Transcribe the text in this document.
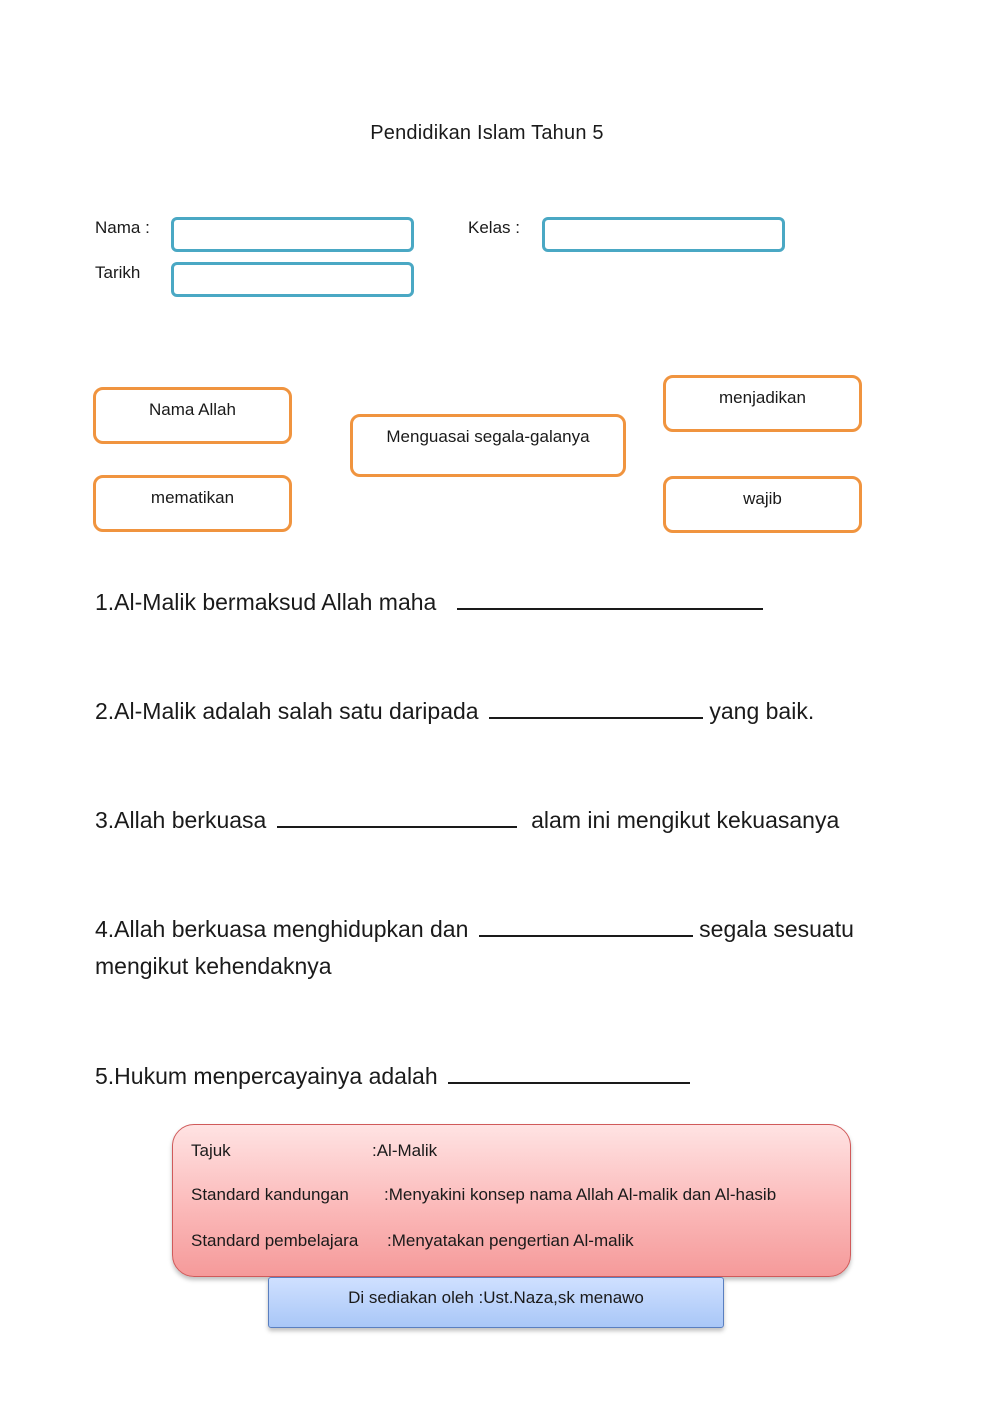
Pendidikan Islam Tahun 5
Nama :	Kelas :
Tarikh
Nama Allah
Menguasai segala-galanya
menjadikan
mematikan	wajib
1.Al-Malik bermaksud Allah maha
2.Al-Malik adalah salah satu daripada	yang baik.
3.Allah berkuasa	alam ini mengikut kekuasanya
4.Allah berkuasa menghidupkan dan	segala sesuatu
mengikut kehendaknya
5.Hukum menpercayainya adalah
Tajuk	:Al-Malik
Standard kandungan :Menyakini konsep nama Allah Al-malik dan Al-hasib
Standard pembelajara :Menyatakan pengertian Al-malik
Di sediakan oleh :Ust.Naza,sk menawo
